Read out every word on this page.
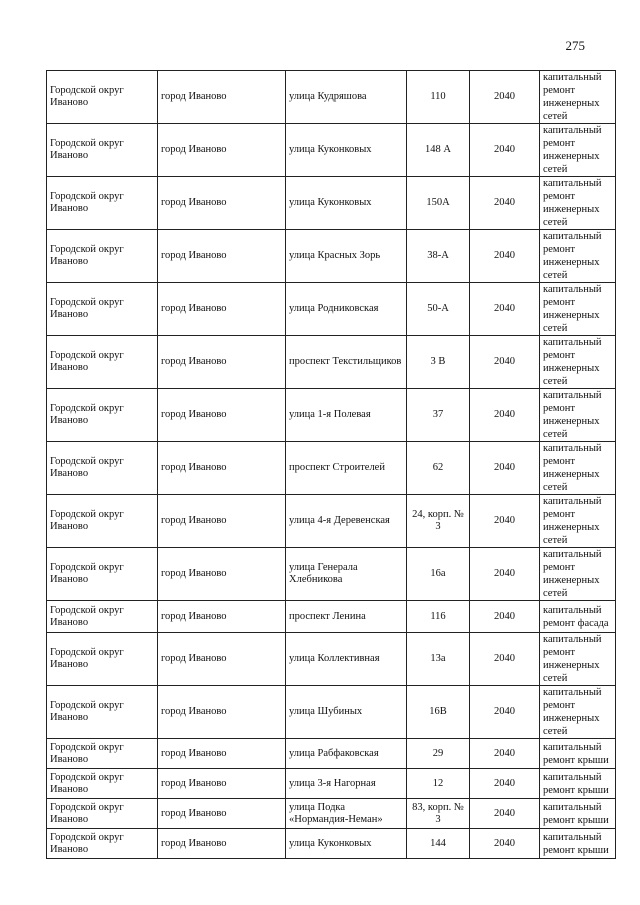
275
Городской округ Иваново	город Иваново	улица Кудряшова	110	2040	капитальный ремонт инженерных сетей
Городской округ Иваново	город Иваново	улица Куконковых	148 А	2040	капитальный ремонт инженерных сетей
Городской округ Иваново	город Иваново	улица Куконковых	150А	2040	капитальный ремонт инженерных сетей
Городской округ Иваново	город Иваново	улица Красных Зорь	38-А	2040	капитальный ремонт инженерных сетей
Городской округ Иваново	город Иваново	улица Родниковская	50-А	2040	капитальный ремонт инженерных сетей
Городской округ Иваново	город Иваново	проспект Текстильщиков	3 В	2040	капитальный ремонт инженерных сетей
Городской округ Иваново	город Иваново	улица 1-я Полевая	37	2040	капитальный ремонт инженерных сетей
Городской округ Иваново	город Иваново	проспект Строителей	62	2040	капитальный ремонт инженерных сетей
Городской округ Иваново	город Иваново	улица 4-я Деревенская	24, корп. № 3	2040	капитальный ремонт инженерных сетей
Городской округ Иваново	город Иваново	улица Генерала Хлебникова	16а	2040	капитальный ремонт инженерных сетей
Городской округ Иваново	город Иваново	проспект Ленина	116	2040	капитальный ремонт фасада
Городской округ Иваново	город Иваново	улица Коллективная	13а	2040	капитальный ремонт инженерных сетей
Городской округ Иваново	город Иваново	улица Шубиных	16В	2040	капитальный ремонт инженерных сетей
Городской округ Иваново	город Иваново	улица Рабфаковская	29	2040	капитальный ремонт крыши
Городской округ Иваново	город Иваново	улица 3-я Нагорная	12	2040	капитальный ремонт крыши
Городской округ Иваново	город Иваново	улица Подка «Нормандия-Неман»	83, корп. № 3	2040	капитальный ремонт крыши
Городской округ Иваново	город Иваново	улица Куконковых	144	2040	капитальный ремонт крыши
